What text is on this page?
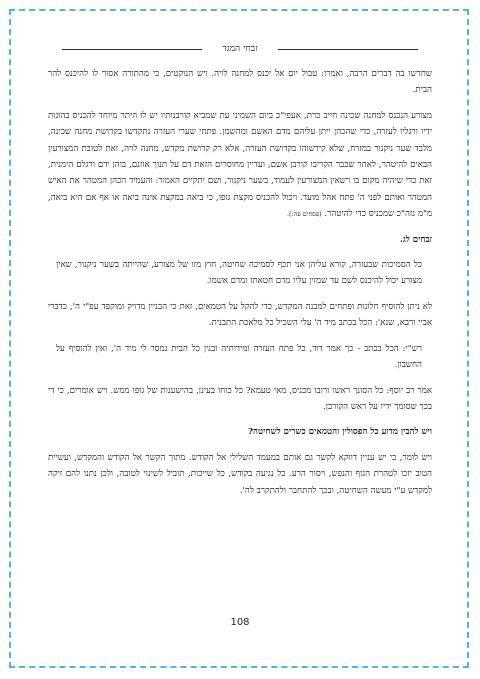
זבחי המגד

שחדשו בה דברים הרבה, ואמרו: טבול יום אל יכנס למחנה לויה. ויש הנוקטים, כי מהתורה אסור לו להיכנס להר הבית.

מצורע הנכנס למחנה שכינה חייב כרת, אעפי"כ ביום השמיני עת שמביא קורבנותיו יש לו היתר מיוחד להכניס בהונות ידיו ורגליו לעזרה, כדי שהכהן ייתן עליהם מדם האשם ומהשמן. פתחי שערי העזרה נתקדשו בקדושת מחנה שכינה, מלבד שער ניקנור במזרח, שלא קידשוהו בקדושת העזרה, אלא רק קדושת מקדש, מחנה לויה, זאת לטובת המצורעין הבאים להיטהר, לאחר שכבר הקריבו קורבן אשם, ועדיין מחוסרים הזאת דם על תנוך אוזנם, בוהן ידם ורגלם הימנית, זאת כדי שיהיה מקום בו רשאין המצורעין לעמוד, בשער ניקנור, ושם יתקיים האמור: והעמיד הכהן המטהר את האיש המטהר ואותם לפני ה' פתח אהל מועד. ויכול להכניס מקצת גופו, כי ביאה במקצת אינה ביאה או אף אם היא ביאה, מ"מ גזה"כ שמכניס כדי להיטהר. (פסחים פה:).

זבחים לג.

כל הסמיכות שבעזרה, קורא עליהן אני תכף לסמיכה שחיטה, חוץ מזו של מצורע, שהייתה בשער ניקנור, שאין מצורע יכול להיכנס לשם עד שמזין עליו מדם חטאתו ומדם אשמו.

לא ניתן להוסיף חלונות ופתחים למבנה המקדש, כדי להקל על הטמאים, זאת כי הבניין מדויק ומוקפד עפ"י ה', כדברי אביי ורבא, שנא': הכל בכתב מיד ה' עלי השכיל כל מלאכת התבנית.

רש"י: הכל בכתב - כך אמר דוד, כל פתח העזרה ומידותיה ובנין כל הבית נמסר לי מיד ה', ואין להוסיף על החשבון.

אמר רב יוסף: כל הסונך ראשו ורובו מכניס, מאי טעמא? כל כוחו בעינן, בהישענות של גופו ממש. ויש אומרים, כי די בכך שסומך ידיו על ראש הקורבן.

ויש להבין מדוע כל הפסולין והטמאים כשרים לשחיטה?

ויש לומר, כי יש עניין דווקא לקשר גם אותם במעמד השלילי אל הקודש. מתוך הקשר אל הקודש והמקדש, ועשיית הטוב יזכו לטהרת הגוף והנפש, ויסור הרע. כל נגיעה בקודש, כל שייכות, תוביל לשינוי לטובה, ולכן נתנו להם זיקה למקדש ע"י מעשה השחיטה, ובכך להתחבר ולהתקרב לה'.

108
